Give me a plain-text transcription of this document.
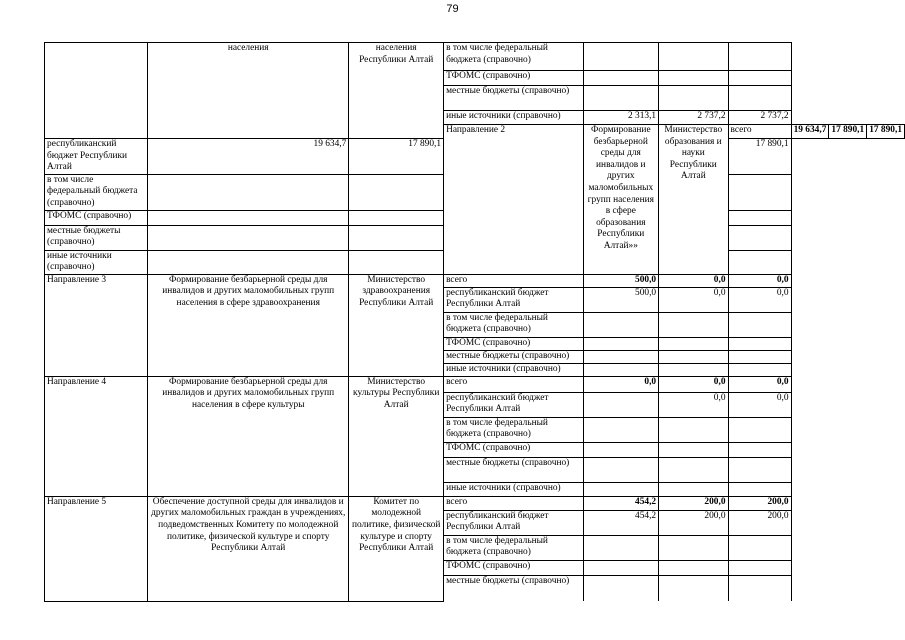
79
	населения	населения Республики Алтай	в том числе федеральный бюджета (справочно)						
			ТФОМС (справочно)						
			местные бюджеты (справочно)						
			иные источники (справочно)	2 313,1	2 737,2	2 737,2			
			Направление 2	Формирование безбарьерной среды для инвалидов и других маломобильных групп населения в сфере образования Республики Алтай»»	Министерство образования и науки Республики Алтай	всего	19 634,7	17 890,1	17 890,1
республиканский бюджет Республики Алтай	19 634,7	17 890,1				17 890,1			
в том числе федеральный бюджета (справочно)									
ТФОМС (справочно)									
местные бюджеты (справочно)									
иные источники (справочно)									
Направление 3	Формирование безбарьерной среды для инвалидов и других маломобильных групп населения в сфере здравоохранения	Министерство здравоохранения Республики Алтай	всего	500,0	0,0	0,0			
			республиканский бюджет Республики Алтай	500,0	0,0	0,0			
			в том числе федеральный бюджета (справочно)						
			ТФОМС (справочно)						
			местные бюджеты (справочно)						
			иные источники (справочно)						
Направление 4	Формирование безбарьерной среды для инвалидов и других маломобильных групп населения в сфере культуры	Министерство культуры Республики Алтай	всего	0,0	0,0	0,0			
			республиканский бюджет Республики Алтай		0,0	0,0			
			в том числе федеральный бюджета (справочно)						
			ТФОМС (справочно)						
			местные бюджеты (справочно)						
			иные источники (справочно)						
Направление 5	Обеспечение доступной среды для инвалидов и других маломобильных граждан в учреждениях, подведомственных Комитету по молодежной политике, физической культуре и спорту Республики Алтай	Комитет по молодежной политике, физической культуре и спорту Республики Алтай	всего	454,2	200,0	200,0			
			республиканский бюджет Республики Алтай	454,2	200,0	200,0			
			в том числе федеральный бюджета (справочно)						
			ТФОМС (справочно)						
			местные бюджеты (справочно)						
